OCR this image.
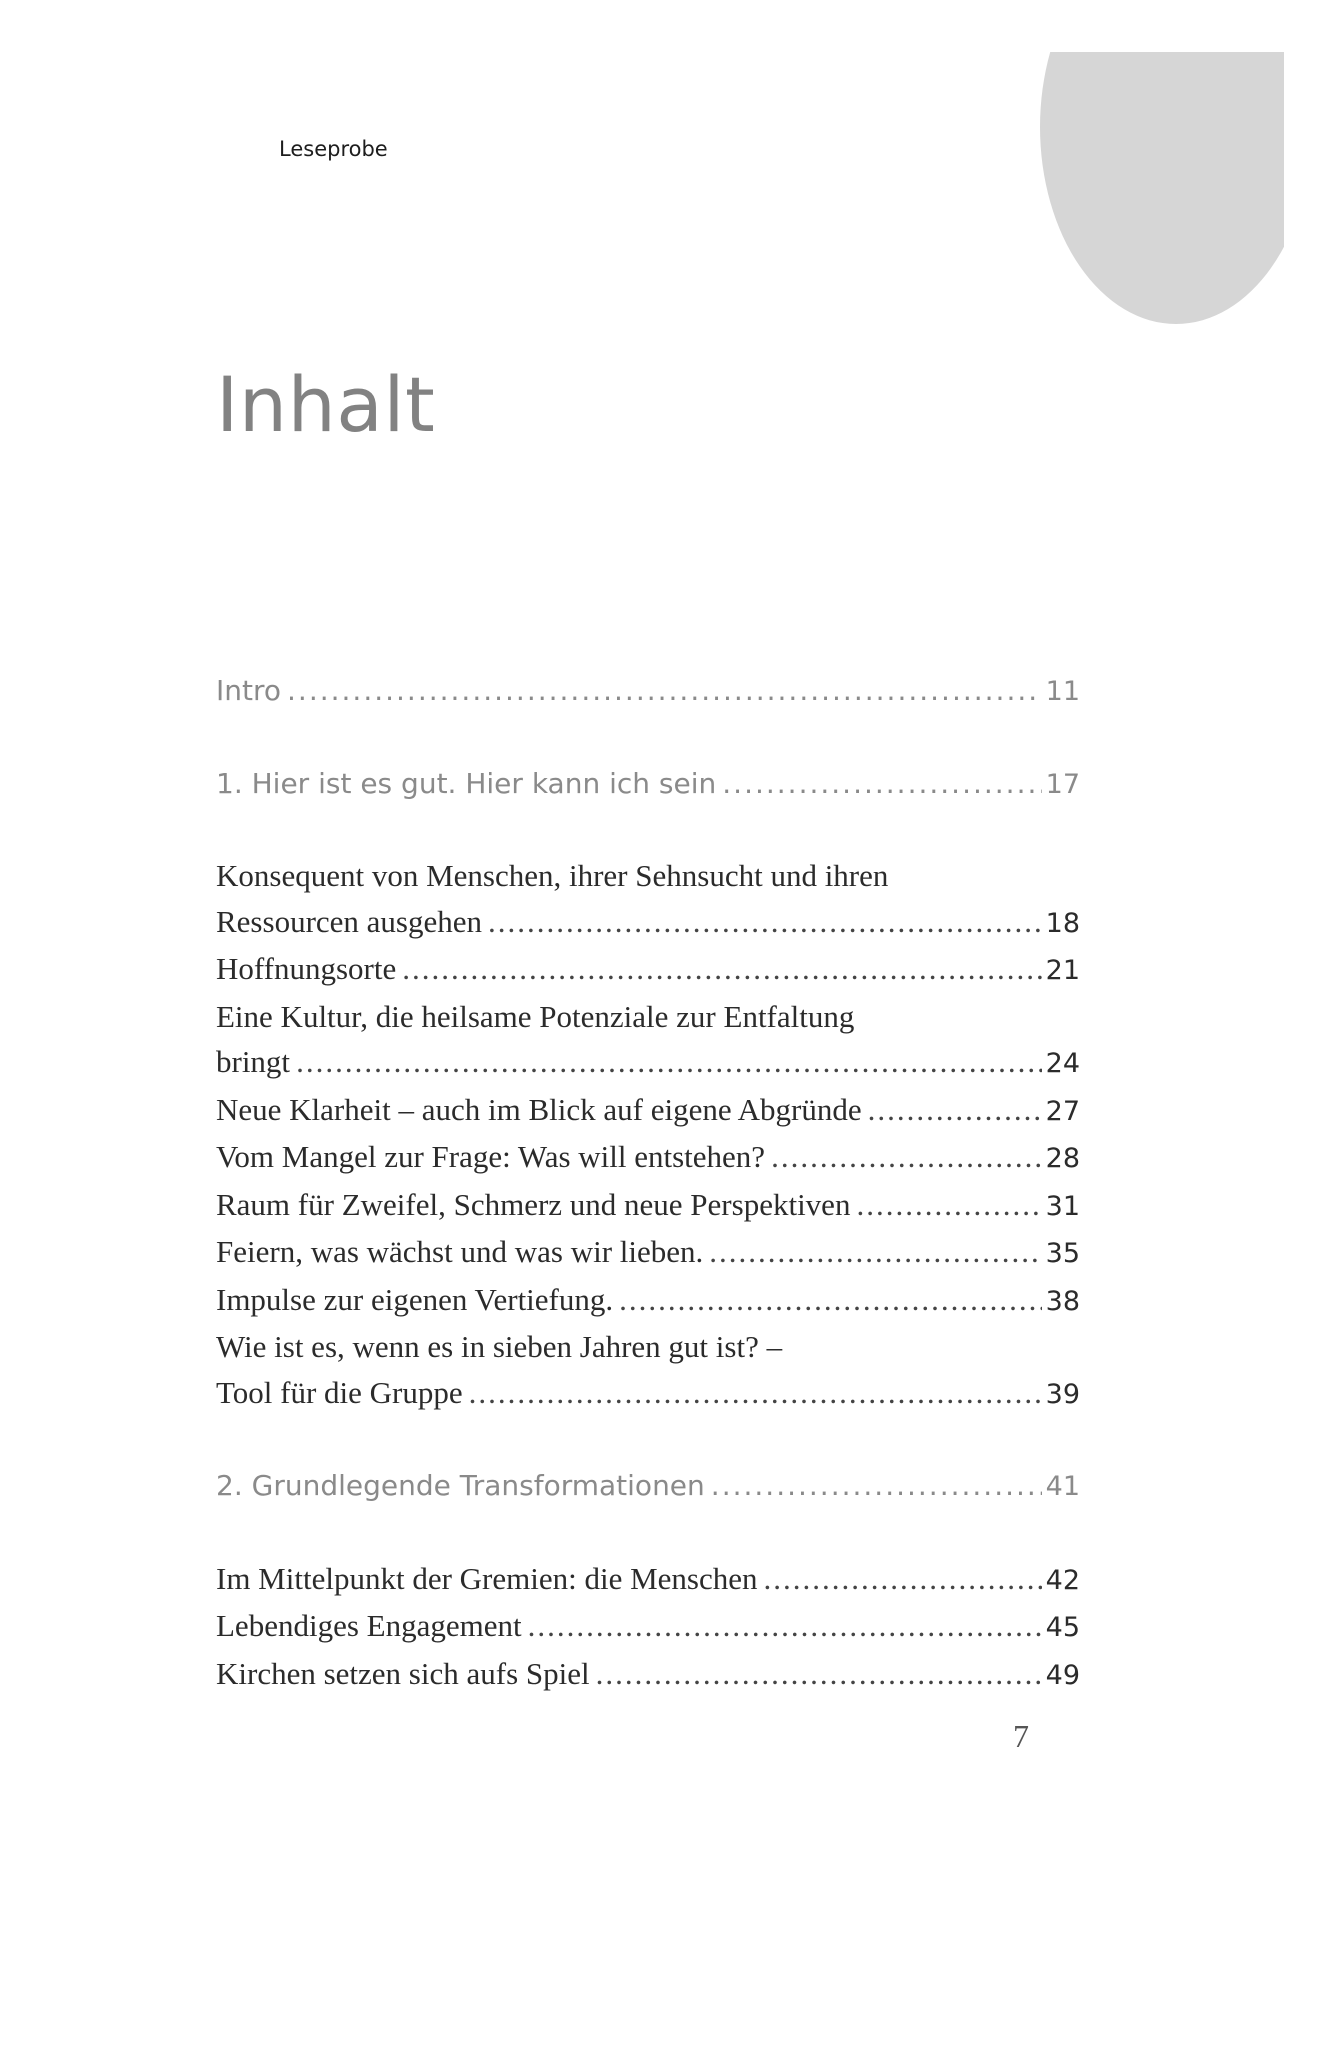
Leseprobe
Inhalt
Intro .....	11
1. Hier ist es gut. Hier kann ich sein .....	17
Konsequent von Menschen, ihrer Sehnsucht und ihren
Ressourcen ausgehen .....	18
Hoffnungsorte .....	21
Eine Kultur, die heilsame Potenziale zur Entfaltung
bringt .....	24
Neue Klarheit – auch im Blick auf eigene Abgründe .....	27
Vom Mangel zur Frage: Was will entstehen? .....	28
Raum für Zweifel, Schmerz und neue Perspektiven .....	31
Feiern, was wächst und was wir lieben. .....	35
Impulse zur eigenen Vertiefung. .....	38
Wie ist es, wenn es in sieben Jahren gut ist? –
Tool für die Gruppe .....	39
2. Grundlegende Transformationen .....	41
Im Mittelpunkt der Gremien: die Menschen .....	42
Lebendiges Engagement .....	45
Kirchen setzen sich aufs Spiel .....	49
7
